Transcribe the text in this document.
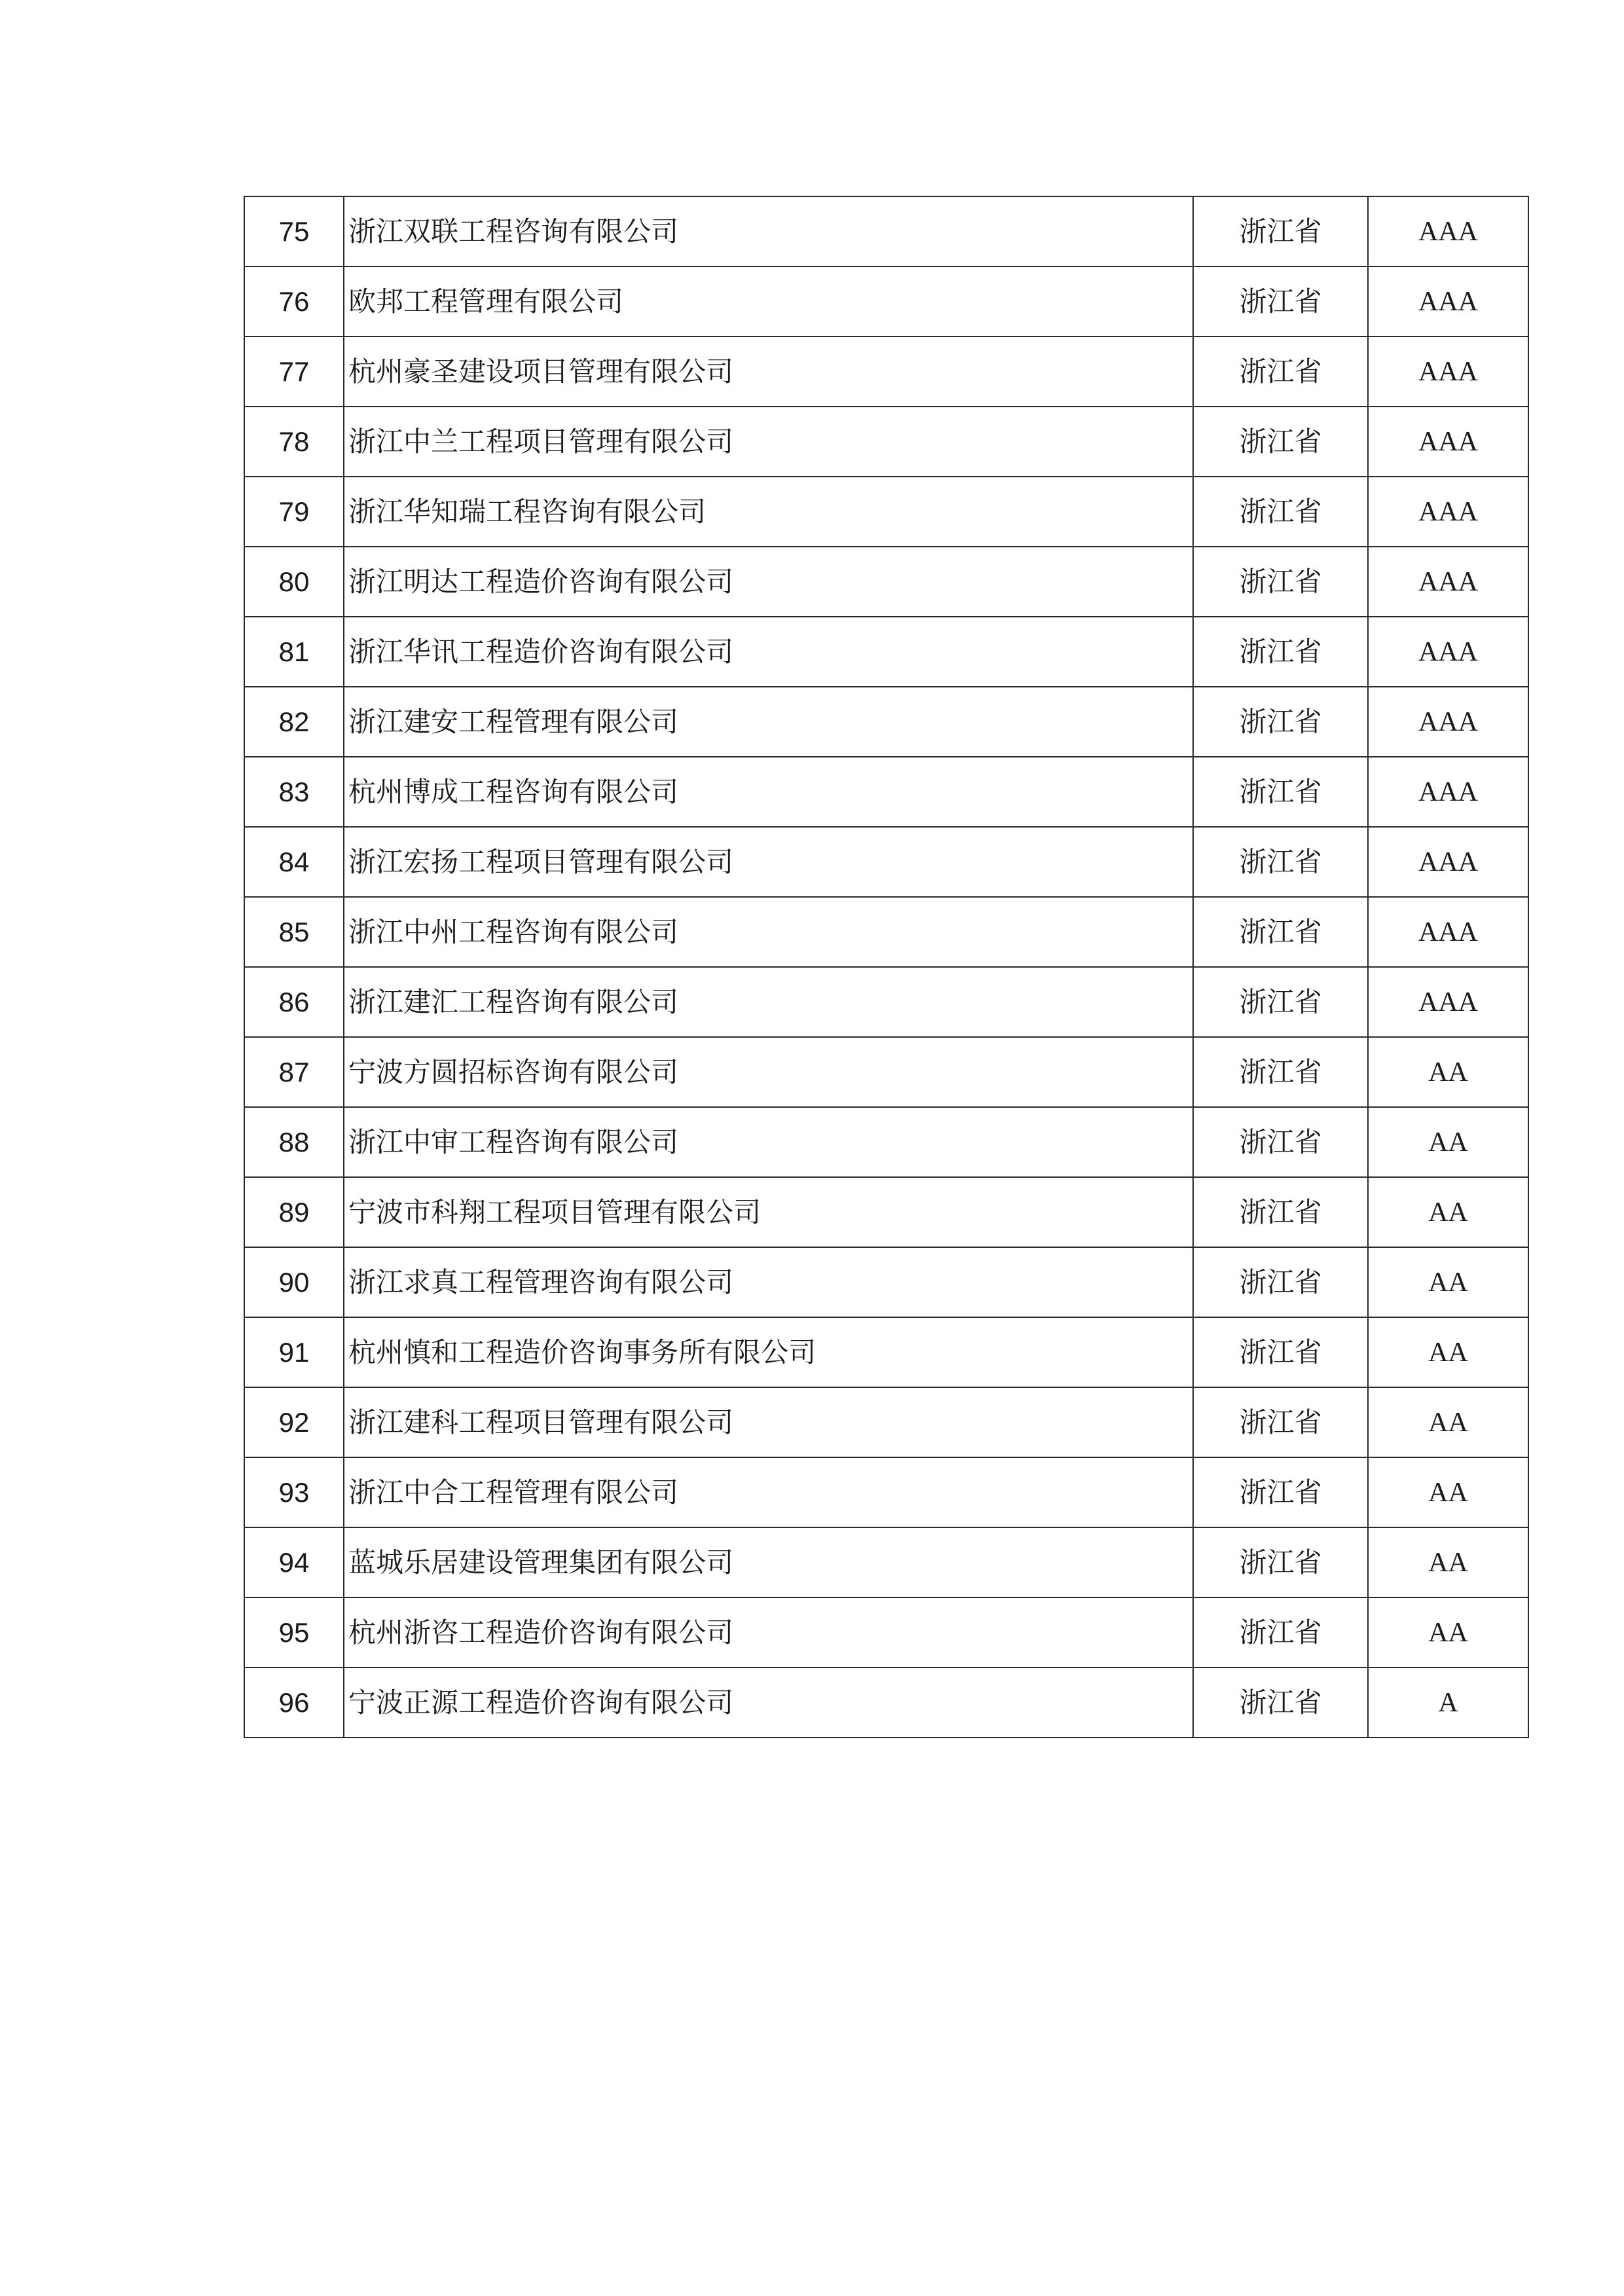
75	浙江双联工程咨询有限公司	浙江省	AAA
76	欧邦工程管理有限公司	浙江省	AAA
77	杭州豪圣建设项目管理有限公司	浙江省	AAA
78	浙江中兰工程项目管理有限公司	浙江省	AAA
79	浙江华知瑞工程咨询有限公司	浙江省	AAA
80	浙江明达工程造价咨询有限公司	浙江省	AAA
81	浙江华讯工程造价咨询有限公司	浙江省	AAA
82	浙江建安工程管理有限公司	浙江省	AAA
83	杭州博成工程咨询有限公司	浙江省	AAA
84	浙江宏扬工程项目管理有限公司	浙江省	AAA
85	浙江中州工程咨询有限公司	浙江省	AAA
86	浙江建汇工程咨询有限公司	浙江省	AAA
87	宁波方圆招标咨询有限公司	浙江省	AA
88	浙江中审工程咨询有限公司	浙江省	AA
89	宁波市科翔工程项目管理有限公司	浙江省	AA
90	浙江求真工程管理咨询有限公司	浙江省	AA
91	杭州慎和工程造价咨询事务所有限公司	浙江省	AA
92	浙江建科工程项目管理有限公司	浙江省	AA
93	浙江中合工程管理有限公司	浙江省	AA
94	蓝城乐居建设管理集团有限公司	浙江省	AA
95	杭州浙咨工程造价咨询有限公司	浙江省	AA
96	宁波正源工程造价咨询有限公司	浙江省	A
